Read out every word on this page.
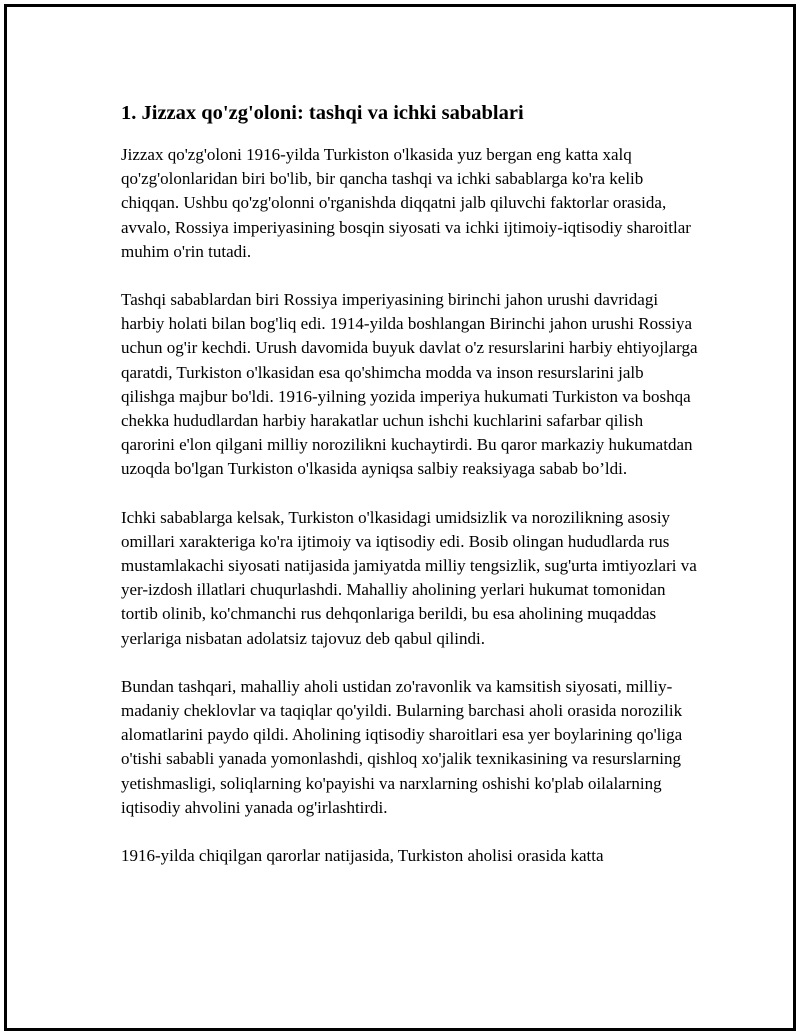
1. Jizzax qo'zg'oloni: tashqi va ichki sabablari

Jizzax qo'zg'oloni 1916-yilda Turkiston o'lkasida yuz bergan eng katta xalq qo'zg'olonlaridan biri bo'lib, bir qancha tashqi va ichki sabablarga ko'ra kelib chiqqan. Ushbu qo'zg'olonni o'rganishda diqqatni jalb qiluvchi faktorlar orasida, avvalo, Rossiya imperiyasining bosqin siyosati va ichki ijtimoiy-iqtisodiy sharoitlar muhim o'rin tutadi.

Tashqi sabablardan biri Rossiya imperiyasining birinchi jahon urushi davridagi harbiy holati bilan bog'liq edi. 1914-yilda boshlangan Birinchi jahon urushi Rossiya uchun og'ir kechdi. Urush davomida buyuk davlat o'z resurslarini harbiy ehtiyojlarga qaratdi, Turkiston o'lkasidan esa qo'shimcha modda va inson resurslarini jalb qilishga majbur bo'ldi. 1916-yilning yozida imperiya hukumati Turkiston va boshqa chekka hududlardan harbiy harakatlar uchun ishchi kuchlarini safarbar qilish qarorini e'lon qilgani milliy norozilikni kuchaytirdi. Bu qaror markaziy hukumatdan uzoqda bo'lgan Turkiston o'lkasida ayniqsa salbiy reaksiyaga sabab bo’ldi.

Ichki sabablarga kelsak, Turkiston o'lkasidagi umidsizlik va norozilikning asosiy omillari xarakteriga ko'ra ijtimoiy va iqtisodiy edi. Bosib olingan hududlarda rus mustamlakachi siyosati natijasida jamiyatda milliy tengsizlik, sug'urta imtiyozlari va yer-izdosh illatlari chuqurlashdi. Mahalliy aholining yerlari hukumat tomonidan tortib olinib, ko'chmanchi rus dehqonlariga berildi, bu esa aholining muqaddas yerlariga nisbatan adolatsiz tajovuz deb qabul qilindi.

Bundan tashqari, mahalliy aholi ustidan zo'ravonlik va kamsitish siyosati, milliy-madaniy cheklovlar va taqiqlar qo'yildi. Bularning barchasi aholi orasida norozilik alomatlarini paydo qildi. Aholining iqtisodiy sharoitlari esa yer boylarining qo'liga o'tishi sababli yanada yomonlashdi, qishloq xo'jalik texnikasining va resurslarning yetishmasligi, soliqlarning ko'payishi va narxlarning oshishi ko'plab oilalarning iqtisodiy ahvolini yanada og'irlashtirdi.

1916-yilda chiqilgan qarorlar natijasida, Turkiston aholisi orasida katta
